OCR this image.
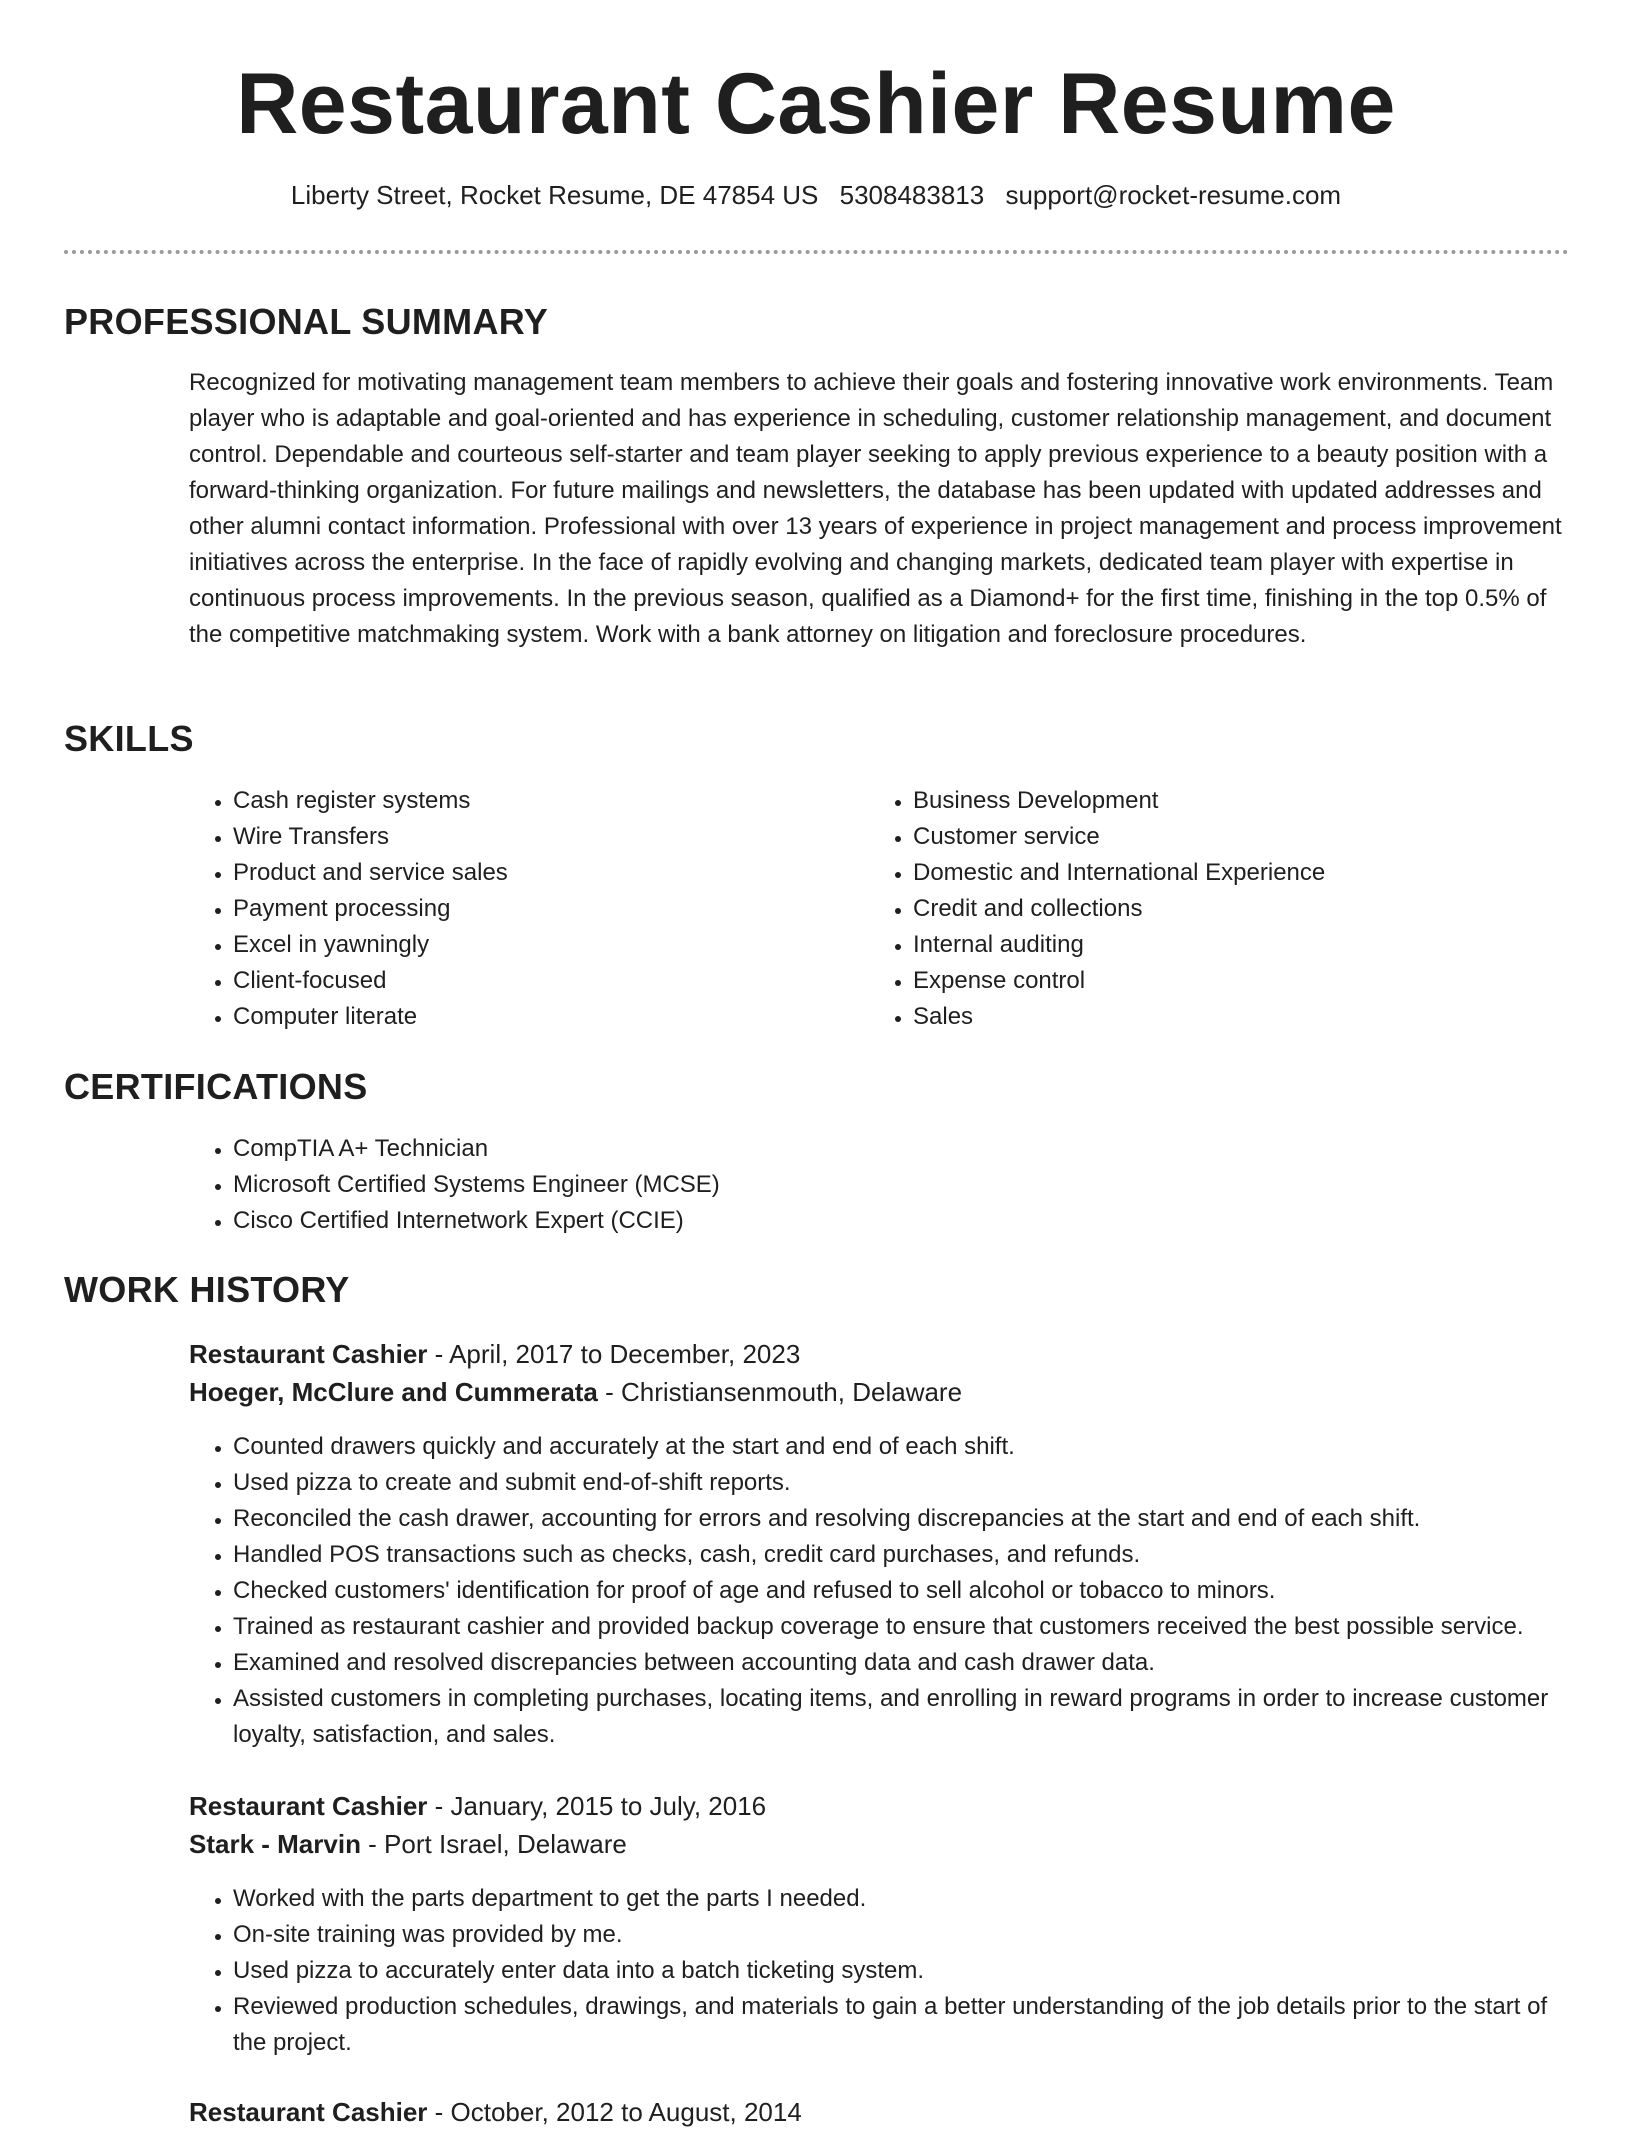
Restaurant Cashier Resume
Liberty Street, Rocket Resume, DE 47854 US 5308483813 support@rocket-resume.com
PROFESSIONAL SUMMARY

Recognized for motivating management team members to achieve their goals and fostering innovative work environments. Team player who is adaptable and goal-oriented and has experience in scheduling, customer relationship management, and document control. Dependable and courteous self-starter and team player seeking to apply previous experience to a beauty position with a forward-thinking organization. For future mailings and newsletters, the database has been updated with updated addresses and other alumni contact information. Professional with over 13 years of experience in project management and process improvement initiatives across the enterprise. In the face of rapidly evolving and changing markets, dedicated team player with expertise in continuous process improvements. In the previous season, qualified as a Diamond+ for the first time, finishing in the top 0.5% of the competitive matchmaking system. Work with a bank attorney on litigation and foreclosure procedures.

SKILLS
• Cash register systems
• Wire Transfers
• Product and service sales
• Payment processing
• Excel in yawningly
• Client-focused
• Computer literate
• Business Development
• Customer service
• Domestic and International Experience
• Credit and collections
• Internal auditing
• Expense control
• Sales
CERTIFICATIONS
• CompTIA A+ Technician
• Microsoft Certified Systems Engineer (MCSE)
• Cisco Certified Internetwork Expert (CCIE)
WORK HISTORY
Restaurant Cashier - April, 2017 to December, 2023
Hoeger, McClure and Cummerata - Christiansenmouth, Delaware
• Counted drawers quickly and accurately at the start and end of each shift.
• Used pizza to create and submit end-of-shift reports.
• Reconciled the cash drawer, accounting for errors and resolving discrepancies at the start and end of each shift.
• Handled POS transactions such as checks, cash, credit card purchases, and refunds.
• Checked customers' identification for proof of age and refused to sell alcohol or tobacco to minors.
• Trained as restaurant cashier and provided backup coverage to ensure that customers received the best possible service.
• Examined and resolved discrepancies between accounting data and cash drawer data.
• Assisted customers in completing purchases, locating items, and enrolling in reward programs in order to increase customer loyalty, satisfaction, and sales.
Restaurant Cashier - January, 2015 to July, 2016
Stark - Marvin - Port Israel, Delaware
• Worked with the parts department to get the parts I needed.
• On-site training was provided by me.
• Used pizza to accurately enter data into a batch ticketing system.
• Reviewed production schedules, drawings, and materials to gain a better understanding of the job details prior to the start of the project.
Restaurant Cashier - October, 2012 to August, 2014
